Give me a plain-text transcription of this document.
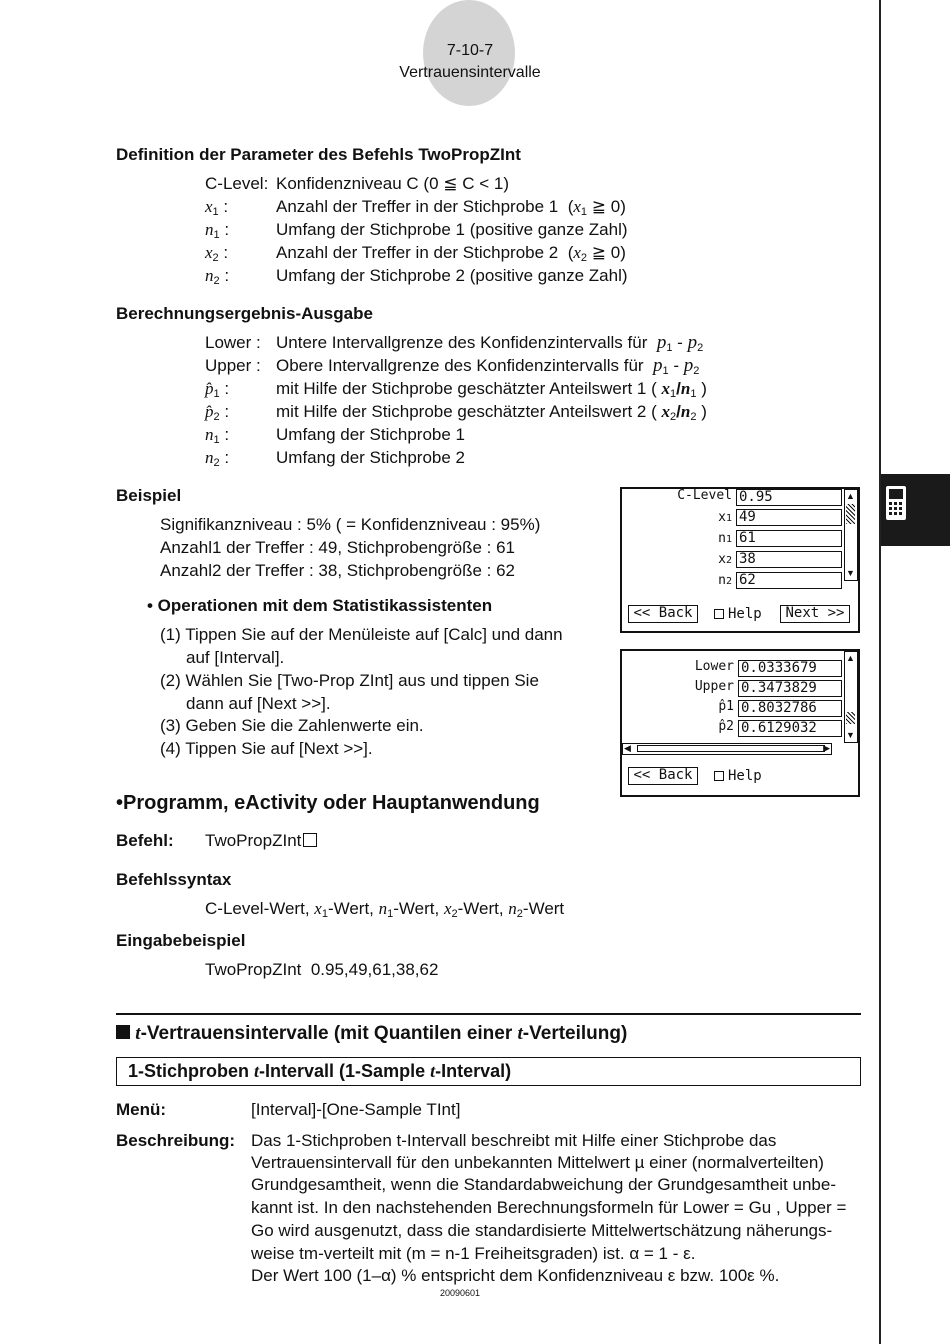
7-10-7
Vertrauensintervalle
Definition der Parameter des Befehls TwoPropZInt
C-Level: Konfidenzniveau C (0 ≦ C < 1)
$x_1$ :	Anzahl der Treffer in der Stichprobe 1  ($x_1$ ≧ 0)
$n_1$ :	Umfang der Stichprobe 1 (positive ganze Zahl)
$x_2$ :	Anzahl der Treffer in der Stichprobe 2  ($x_2$ ≧ 0)
$n_2$ :	Umfang der Stichprobe 2 (positive ganze Zahl)
Berechnungsergebnis-Ausgabe
Lower : Untere Intervallgrenze des Konfidenzintervalls für $p_1 - p_2$
Upper : Obere Intervallgrenze des Konfidenzintervalls für $p_1 - p_2$
$p̂_1$ :	mit Hilfe der Stichprobe geschätzter Anteilswert 1 ( $x_1/n_1$ )
$p̂_2$ :	mit Hilfe der Stichprobe geschätzter Anteilswert 2 ( $x_2/n_2$ )
$n_1$ :	Umfang der Stichprobe 1
$n_2$ :	Umfang der Stichprobe 2
Beispiel
Signifikanzniveau : 5% ( = Konfidenzniveau : 95%)
Anzahl1 der Treffer : 49, Stichprobengröße : 61
Anzahl2 der Treffer : 38, Stichprobengröße : 62
• Operationen mit dem Statistikassistenten
(1) Tippen Sie auf der Menüleiste auf [Calc] und dann
auf [Interval].
(2) Wählen Sie [Two-Prop ZInt] aus und tippen Sie
dann auf [Next >>].
(3) Geben Sie die Zahlenwerte ein.
(4) Tippen Sie auf [Next >>].
C-Level 0.95
x1 49
n1 61
x2 38
n2 62
▲
▼
<< Back	Help	Next >>
Lower 0.0333679
Upper 0.3473829
p̂1 0.8032786
p̂2 0.6129032
▲
▼
◀	▶
<< Back	Help
•Programm, eActivity oder Hauptanwendung
Befehl: TwoPropZInt
Befehlssyntax
C-Level-Wert, $x_1$-Wert, $n_1$-Wert, $x_2$-Wert, $n_2$-Wert
Eingabebeispiel
TwoPropZInt  0.95,49,61,38,62
t-Vertrauensintervalle (mit Quantilen einer t-Verteilung)
1-Stichproben t-Intervall (1-Sample t-Interval)
Menü:	[Interval]-[One-Sample TInt]
Beschreibung: Das 1-Stichproben t-Intervall beschreibt mit Hilfe einer Stichprobe das
Vertrauensintervall für den unbekannten Mittelwert µ einer (normalverteilten)
Grundgesamtheit, wenn die Standardabweichung der Grundgesamtheit unbe-
kannt ist. In den nachstehenden Berechnungsformeln für Lower = Gu , Upper =
Go wird ausgenutzt, dass die standardisierte Mittelwertschätzung näherungs-
weise tm-verteilt mit (m = n-1 Freiheitsgraden) ist. α = 1 - ε.
Der Wert 100 (1–α) % entspricht dem Konfidenzniveau ε bzw. 100ε %.
20090601
